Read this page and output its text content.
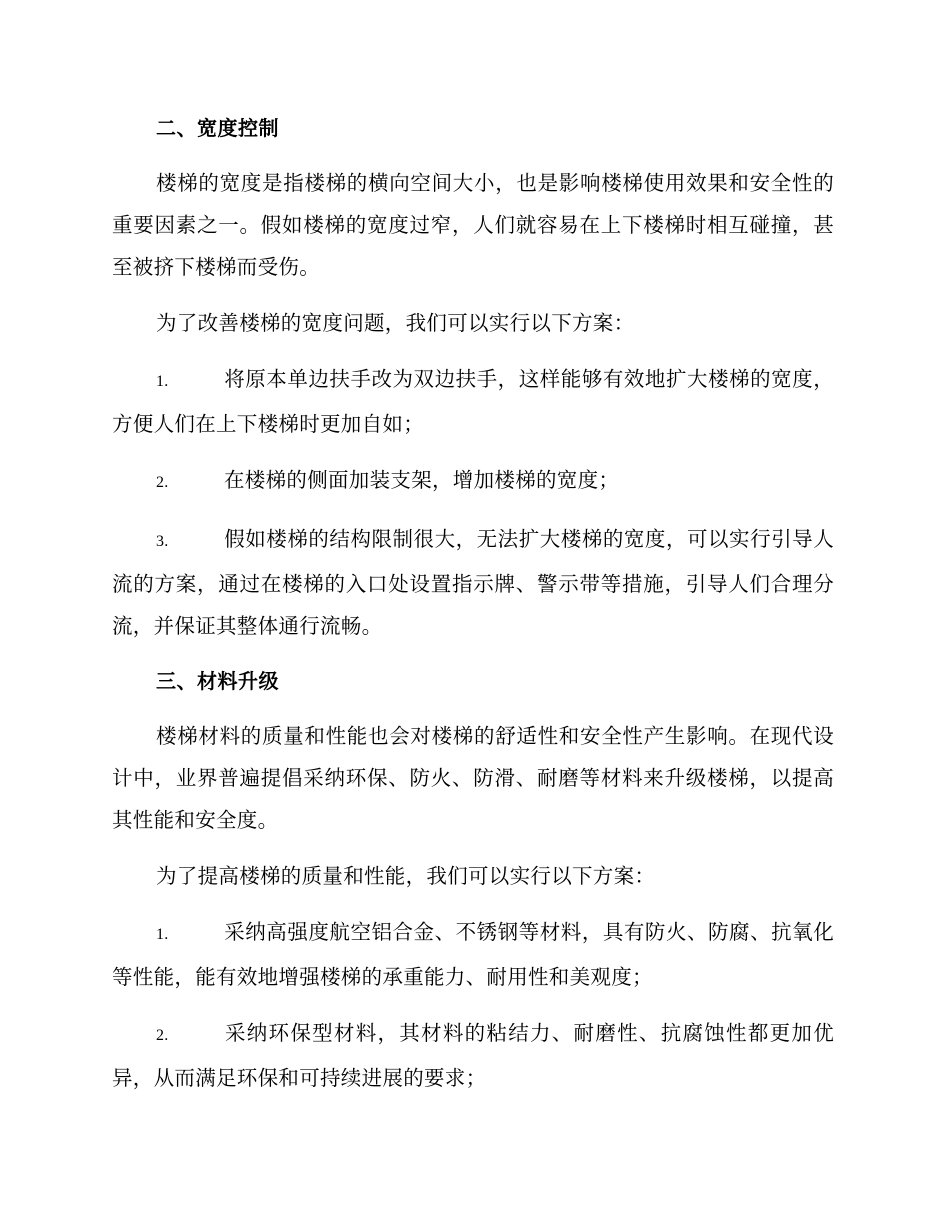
二、宽度控制
楼梯的宽度是指楼梯的横向空间大小，也是影响楼梯使用效果和安全性的重要因素之一。假如楼梯的宽度过窄，人们就容易在上下楼梯时相互碰撞，甚至被挤下楼梯而受伤。
为了改善楼梯的宽度问题，我们可以实行以下方案：
1.	将原本单边扶手改为双边扶手，这样能够有效地扩大楼梯的宽度，方便人们在上下楼梯时更加自如；
2.	在楼梯的侧面加装支架，增加楼梯的宽度；
3.	假如楼梯的结构限制很大，无法扩大楼梯的宽度，可以实行引导人流的方案，通过在楼梯的入口处设置指示牌、警示带等措施，引导人们合理分流，并保证其整体通行流畅。
三、材料升级
楼梯材料的质量和性能也会对楼梯的舒适性和安全性产生影响。在现代设计中，业界普遍提倡采纳环保、防火、防滑、耐磨等材料来升级楼梯，以提高其性能和安全度。
为了提高楼梯的质量和性能，我们可以实行以下方案：
1.	采纳高强度航空铝合金、不锈钢等材料，具有防火、防腐、抗氧化等性能，能有效地增强楼梯的承重能力、耐用性和美观度；
2.	采纳环保型材料，其材料的粘结力、耐磨性、抗腐蚀性都更加优异，从而满足环保和可持续进展的要求；
